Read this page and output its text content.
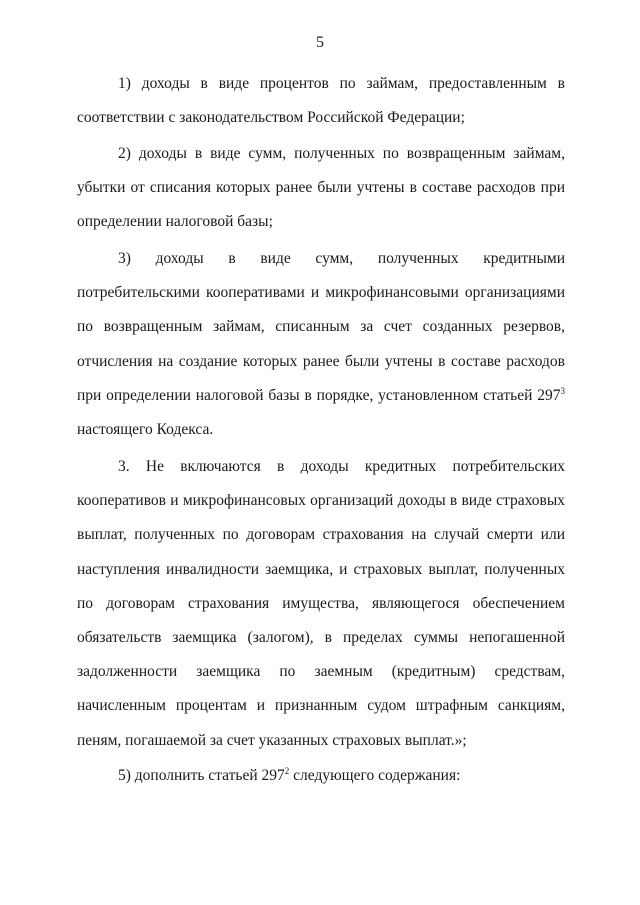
5

1) доходы в виде процентов по займам, предоставленным в соответствии с законодательством Российской Федерации;

2) доходы в виде сумм, полученных по возвращенным займам, убытки от списания которых ранее были учтены в составе расходов при определении налоговой базы;

3) доходы в виде сумм, полученных кредитными потребительскими кооперативами и микрофинансовыми организациями по возвращенным займам, списанным за счет созданных резервов, отчисления на создание которых ранее были учтены в составе расходов при определении налоговой базы в порядке, установленном статьей $297^3$ настоящего Кодекса.

3. Не включаются в доходы кредитных потребительских кооперативов и микрофинансовых организаций доходы в виде страховых выплат, полученных по договорам страхования на случай смерти или наступления инвалидности заемщика, и страховых выплат, полученных по договорам страхования имущества, являющегося обеспечением обязательств заемщика (залогом), в пределах суммы непогашенной задолженности заемщика по заемным (кредитным) средствам, начисленным процентам и признанным судом штрафным санкциям, пеням, погашаемой за счет указанных страховых выплат.»;

5) дополнить статьей $297^2$ следующего содержания:
